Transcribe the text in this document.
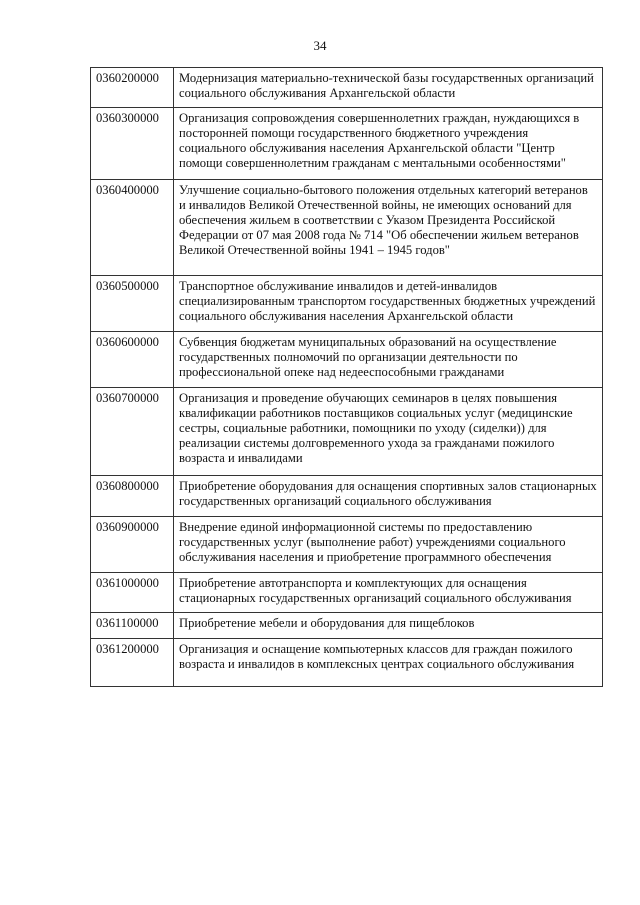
34
0360200000	Модернизация материально-технической базы государственных организаций социального обслуживания Архангельской области
0360300000	Организация сопровождения совершеннолетних граждан, нуждающихся в посторонней помощи государственного бюджетного учреждения социального обслуживания населения Архангельской области "Центр помощи совершеннолетним гражданам с ментальными особенностями"
0360400000	Улучшение социально-бытового положения отдельных категорий ветеранов и инвалидов Великой Отечественной войны, не имеющих оснований для обеспечения жильем в соответствии с Указом Президента Российской Федерации от 07 мая 2008 года № 714 "Об обеспечении жильем ветеранов Великой Отечественной войны 1941 – 1945 годов"
0360500000	Транспортное обслуживание инвалидов и детей-инвалидов специализированным транспортом государственных бюджетных учреждений социального обслуживания населения Архангельской области
0360600000	Субвенция бюджетам муниципальных образований на осуществление государственных полномочий по организации деятельности по профессиональной опеке над недееспособными гражданами
0360700000	Организация и проведение обучающих семинаров в целях повышения квалификации работников поставщиков социальных услуг (медицинские сестры, социальные работники, помощники по уходу (сиделки)) для реализации системы долговременного ухода за гражданами пожилого возраста и инвалидами
0360800000	Приобретение оборудования для оснащения спортивных залов стационарных государственных организаций социального обслуживания
0360900000	Внедрение единой информационной системы по предоставлению государственных услуг (выполнение работ) учреждениями социального обслуживания населения и приобретение программного обеспечения
0361000000	Приобретение автотранспорта и комплектующих для оснащения стационарных государственных организаций социального обслуживания
0361100000	Приобретение мебели и оборудования для пищеблоков
0361200000	Организация и оснащение компьютерных классов для граждан пожилого возраста и инвалидов в комплексных центрах социального обслуживания
